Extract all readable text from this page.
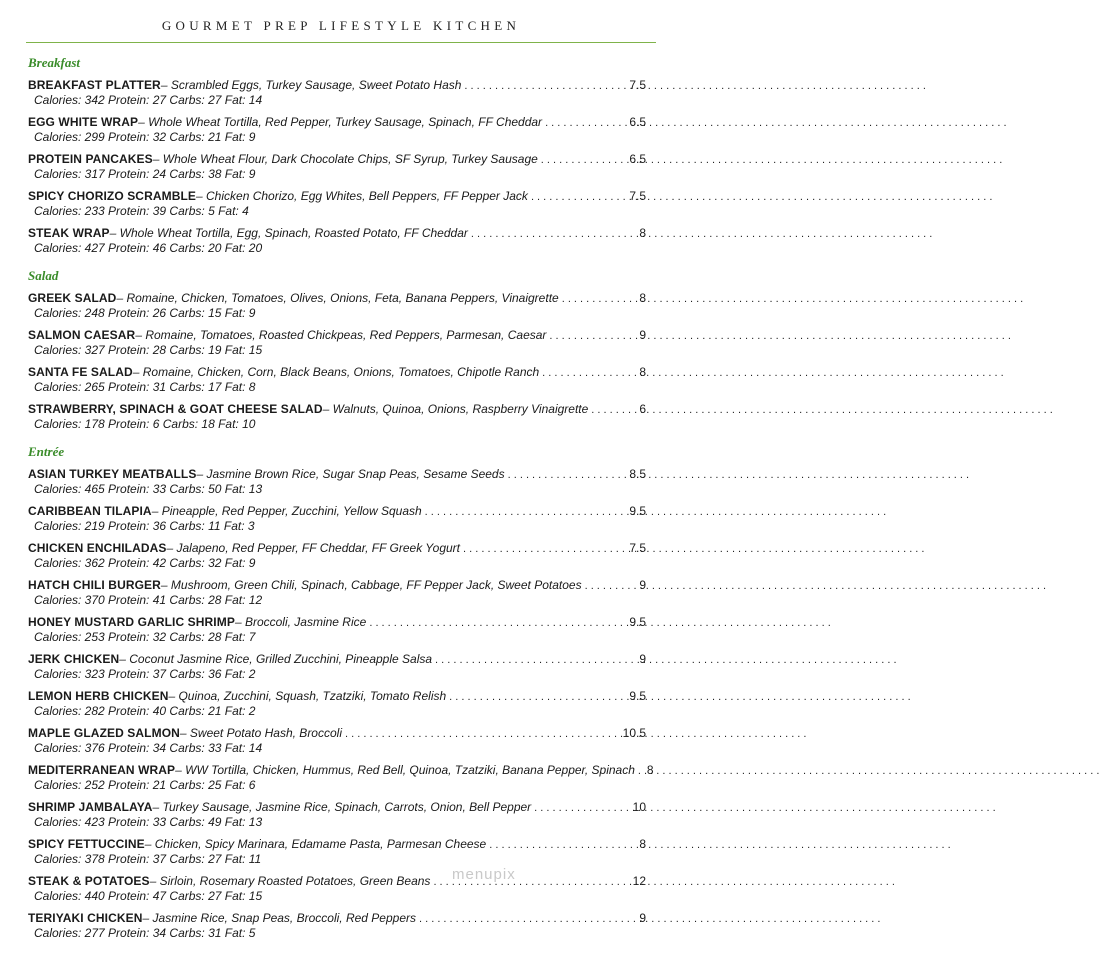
GOURMET PREP LIFESTYLE KITCHEN
Breakfast
BREAKFAST PLATTER – Scrambled Eggs, Turkey Sausage, Sweet Potato Hash . . .	7.5
Calories: 342 Protein: 27 Carbs: 27 Fat: 14
EGG WHITE WRAP – Whole Wheat Tortilla, Red Pepper, Turkey Sausage, Spinach, FF Cheddar . . .	6.5
Calories: 299 Protein: 32 Carbs: 21 Fat: 9
PROTEIN PANCAKES – Whole Wheat Flour, Dark Chocolate Chips, SF Syrup, Turkey Sausage . . .	6.5
Calories: 317 Protein: 24 Carbs: 38 Fat: 9
SPICY CHORIZO SCRAMBLE – Chicken Chorizo, Egg Whites, Bell Peppers, FF Pepper Jack . . .	7.5
Calories: 233 Protein: 39 Carbs: 5 Fat: 4
STEAK WRAP – Whole Wheat Tortilla, Egg, Spinach, Roasted Potato, FF Cheddar . . .	8
Calories: 427 Protein: 46 Carbs: 20 Fat: 20
Salad
GREEK SALAD – Romaine, Chicken, Tomatoes, Olives, Onions, Feta, Banana Peppers, Vinaigrette . . .	8
Calories: 248 Protein: 26 Carbs: 15 Fat: 9
SALMON CAESAR – Romaine, Tomatoes, Roasted Chickpeas, Red Peppers, Parmesan, Caesar . . .	9
Calories: 327 Protein: 28 Carbs: 19 Fat: 15
SANTA FE SALAD – Romaine, Chicken, Corn, Black Beans, Onions, Tomatoes, Chipotle Ranch . . .	8
Calories: 265 Protein: 31 Carbs: 17 Fat: 8
STRAWBERRY, SPINACH & GOAT CHEESE SALAD – Walnuts, Quinoa, Onions, Raspberry Vinaigrette . . .	6
Calories: 178 Protein: 6 Carbs: 18 Fat: 10
Entrée
ASIAN TURKEY MEATBALLS – Jasmine Brown Rice, Sugar Snap Peas, Sesame Seeds . . .	8.5
Calories: 465 Protein: 33 Carbs: 50 Fat: 13
CARIBBEAN TILAPIA – Pineapple, Red Pepper, Zucchini, Yellow Squash . . .	9.5
Calories: 219 Protein: 36 Carbs: 11 Fat: 3
CHICKEN ENCHILADAS – Jalapeno, Red Pepper, FF Cheddar, FF Greek Yogurt . . .	7.5
Calories: 362 Protein: 42 Carbs: 32 Fat: 9
HATCH CHILI BURGER – Mushroom, Green Chili, Spinach, Cabbage, FF Pepper Jack, Sweet Potatoes . . .	9
Calories: 370 Protein: 41 Carbs: 28 Fat: 12
HONEY MUSTARD GARLIC SHRIMP – Broccoli, Jasmine Rice . . .	9.5
Calories: 253 Protein: 32 Carbs: 28 Fat: 7
JERK CHICKEN – Coconut Jasmine Rice, Grilled Zucchini, Pineapple Salsa . . .	9
Calories: 323 Protein: 37 Carbs: 36 Fat: 2
LEMON HERB CHICKEN – Quinoa, Zucchini, Squash, Tzatziki, Tomato Relish . . .	9.5
Calories: 282 Protein: 40 Carbs: 21 Fat: 2
MAPLE GLAZED SALMON – Sweet Potato Hash, Broccoli . . .	10.5
Calories: 376 Protein: 34 Carbs: 33 Fat: 14
MEDITERRANEAN WRAP – WW Tortilla, Chicken, Hummus, Red Bell, Quinoa, Tzatziki, Banana Pepper, Spinach . . . 8
Calories: 252 Protein: 21 Carbs: 25 Fat: 6
SHRIMP JAMBALAYA – Turkey Sausage, Jasmine Rice, Spinach, Carrots, Onion, Bell Pepper . . .	10
Calories: 423 Protein: 33 Carbs: 49 Fat: 13
SPICY FETTUCCINE – Chicken, Spicy Marinara, Edamame Pasta, Parmesan Cheese . . .	8
Calories: 378 Protein: 37 Carbs: 27 Fat: 11
STEAK & POTATOES – Sirloin, Rosemary Roasted Potatoes, Green Beans . . .	12
Calories: 440 Protein: 47 Carbs: 27 Fat: 15
TERIYAKI CHICKEN – Jasmine Rice, Snap Peas, Broccoli, Red Peppers . . .	9
Calories: 277 Protein: 34 Carbs: 31 Fat: 5
menupix
